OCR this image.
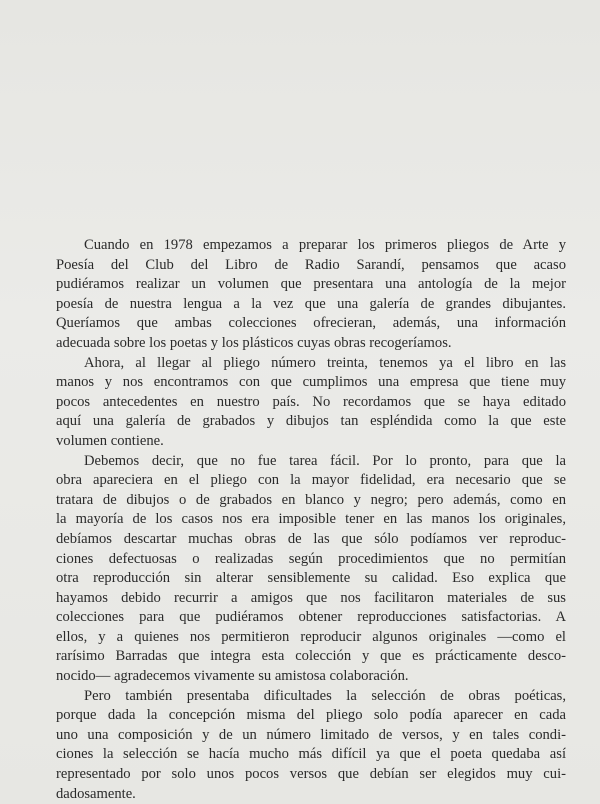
Cuando en 1978 empezamos a preparar los primeros pliegos de Arte y
Poesía del Club del Libro de Radio Sarandí, pensamos que acaso
pudiéramos realizar un volumen que presentara una antología de la mejor
poesía de nuestra lengua a la vez que una galería de grandes dibujantes.
Queríamos que ambas colecciones ofrecieran, además, una información
adecuada sobre los poetas y los plásticos cuyas obras recogeríamos.

Ahora, al llegar al pliego número treinta, tenemos ya el libro en las
manos y nos encontramos con que cumplimos una empresa que tiene muy
pocos antecedentes en nuestro país. No recordamos que se haya editado
aquí una galería de grabados y dibujos tan espléndida como la que este
volumen contiene.

Debemos decir, que no fue tarea fácil. Por lo pronto, para que la
obra apareciera en el pliego con la mayor fidelidad, era necesario que se
tratara de dibujos o de grabados en blanco y negro; pero además, como en
la mayoría de los casos nos era imposible tener en las manos los originales,
debíamos descartar muchas obras de las que sólo podíamos ver reproduc-
ciones defectuosas o realizadas según procedimientos que no permitían
otra reproducción sin alterar sensiblemente su calidad. Eso explica que
hayamos debido recurrir a amigos que nos facilitaron materiales de sus
colecciones para que pudiéramos obtener reproducciones satisfactorias. A
ellos, y a quienes nos permitieron reproducir algunos originales —como el
rarísimo Barradas que integra esta colección y que es prácticamente desco-
nocido— agradecemos vivamente su amistosa colaboración.

Pero también presentaba dificultades la selección de obras poéticas,
porque dada la concepción misma del pliego solo podía aparecer en cada
uno una composición y de un número limitado de versos, y en tales condi-
ciones la selección se hacía mucho más difícil ya que el poeta quedaba así
representado por solo unos pocos versos que debían ser elegidos muy cui-
dadosamente.
